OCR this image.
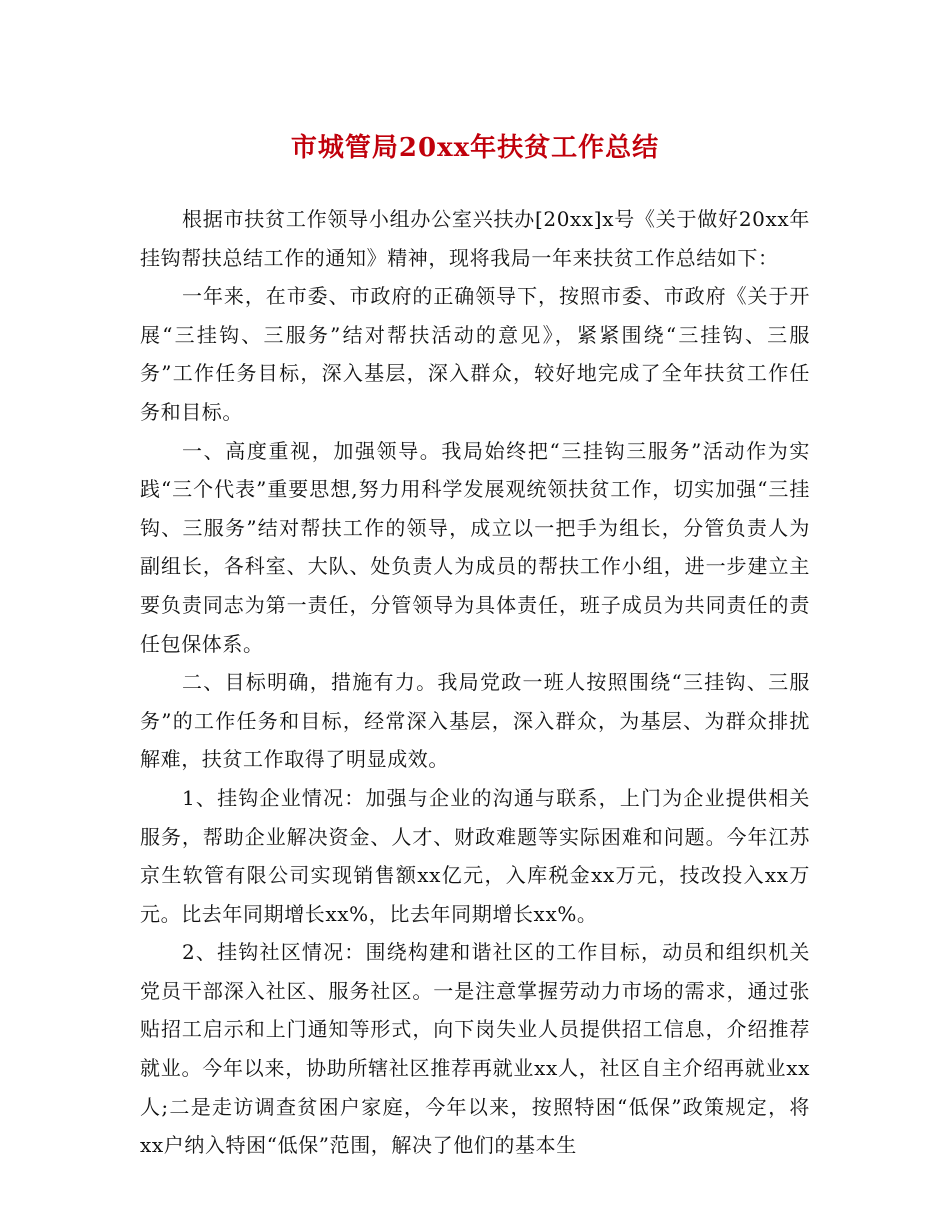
市城管局20xx年扶贫工作总结

根据市扶贫工作领导小组办公室兴扶办[20xx]x号《关于做好20xx年挂钩帮扶总结工作的通知》精神，现将我局一年来扶贫工作总结如下：

一年来，在市委、市政府的正确领导下，按照市委、市政府《关于开展“三挂钩、三服务”结对帮扶活动的意见》，紧紧围绕“三挂钩、三服务”工作任务目标，深入基层，深入群众，较好地完成了全年扶贫工作任务和目标。

一、高度重视，加强领导。我局始终把“三挂钩三服务”活动作为实践“三个代表”重要思想,努力用科学发展观统领扶贫工作，切实加强“三挂钩、三服务”结对帮扶工作的领导，成立以一把手为组长，分管负责人为副组长，各科室、大队、处负责人为成员的帮扶工作小组，进一步建立主要负责同志为第一责任，分管领导为具体责任，班子成员为共同责任的责任包保体系。

二、目标明确，措施有力。我局党政一班人按照围绕“三挂钩、三服务”的工作任务和目标，经常深入基层，深入群众，为基层、为群众排扰解难，扶贫工作取得了明显成效。

1、挂钩企业情况：加强与企业的沟通与联系，上门为企业提供相关服务，帮助企业解决资金、人才、财政难题等实际困难和问题。今年江苏京生软管有限公司实现销售额xx亿元，入库税金xx万元，技改投入xx万元。比去年同期增长xx%，比去年同期增长xx%。

2、挂钩社区情况：围绕构建和谐社区的工作目标，动员和组织机关党员干部深入社区、服务社区。一是注意掌握劳动力市场的需求，通过张贴招工启示和上门通知等形式，向下岗失业人员提供招工信息，介绍推荐就业。今年以来，协助所辖社区推荐再就业xx人，社区自主介绍再就业xx人;二是走访调查贫困户家庭，今年以来，按照特困“低保”政策规定，将xx户纳入特困“低保”范围，解决了他们的基本生
